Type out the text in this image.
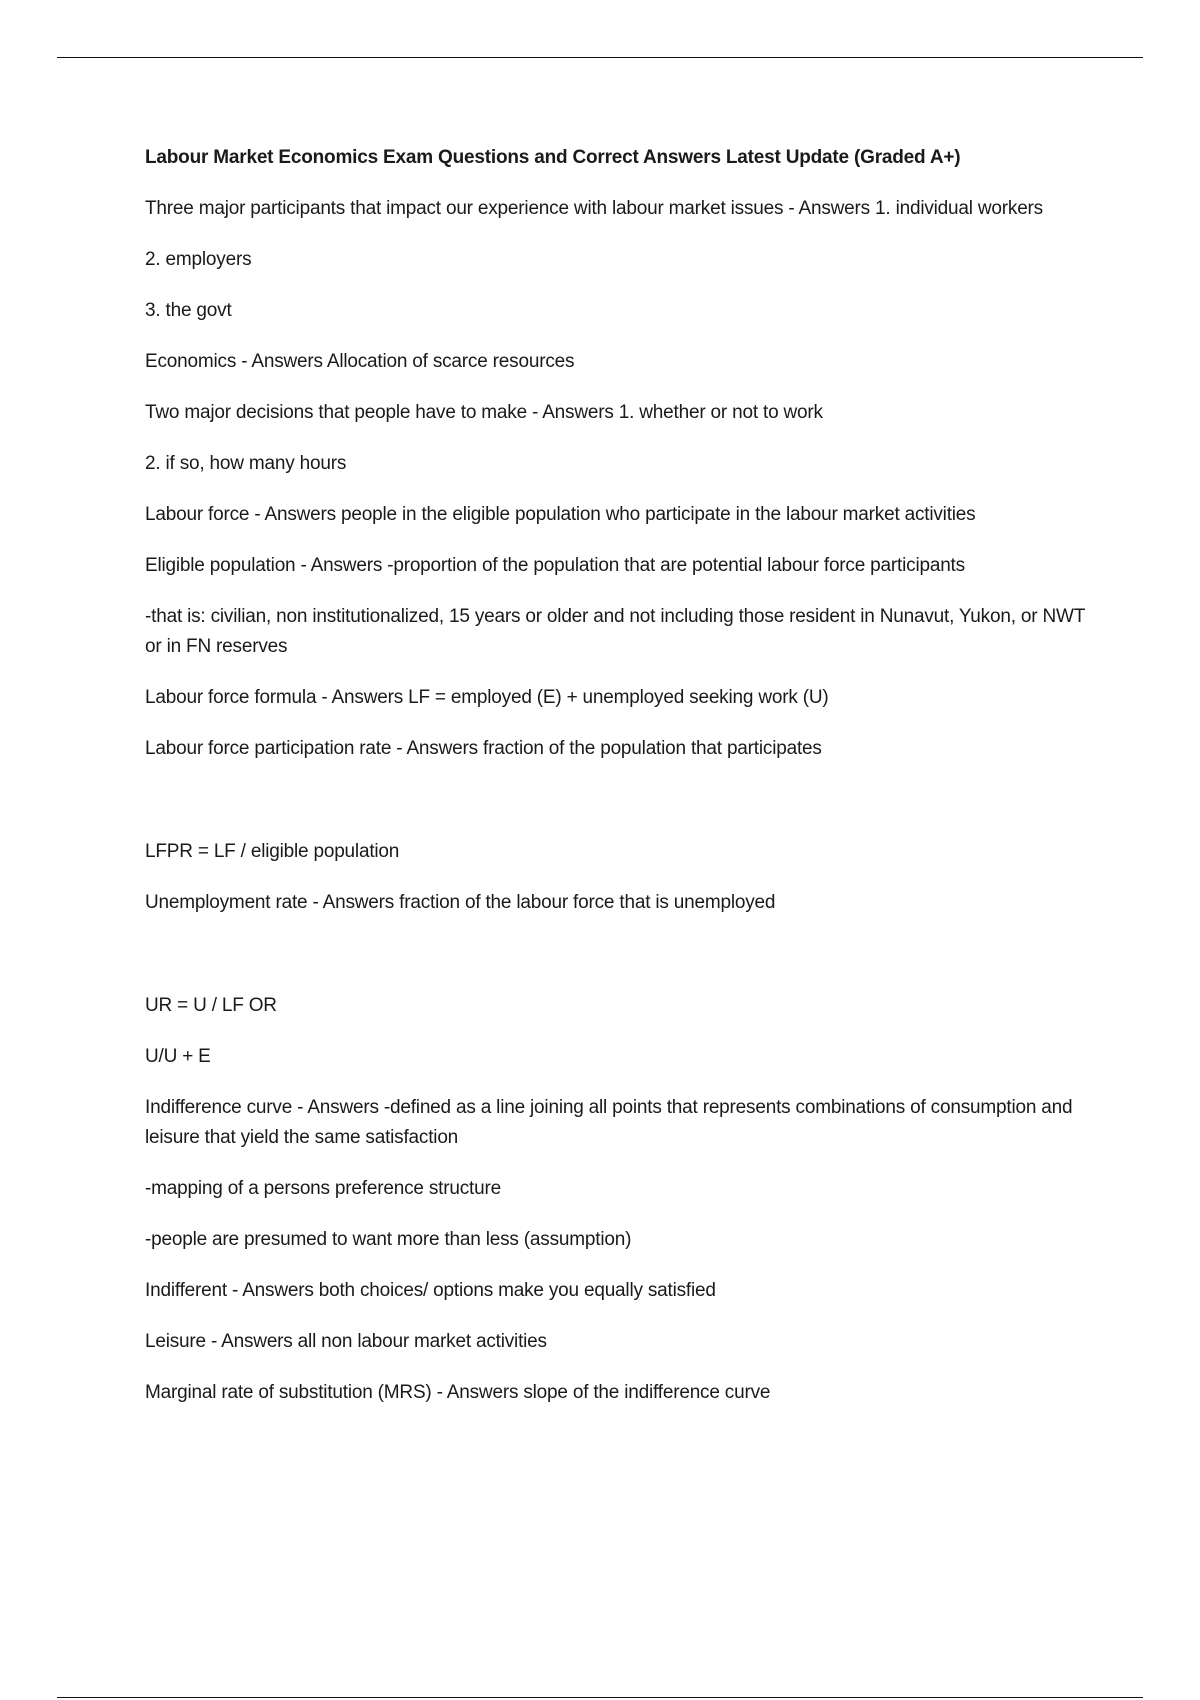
Labour Market Economics Exam Questions and Correct Answers Latest Update (Graded A+)

Three major participants that impact our experience with labour market issues - Answers 1. individual workers

2. employers

3. the govt

Economics - Answers Allocation of scarce resources

Two major decisions that people have to make - Answers 1. whether or not to work

2. if so, how many hours

Labour force - Answers people in the eligible population who participate in the labour market activities

Eligible population - Answers -proportion of the population that are potential labour force participants

-that is: civilian, non institutionalized, 15 years or older and not including those resident in Nunavut, Yukon, or NWT or in FN reserves

Labour force formula - Answers LF = employed (E) + unemployed seeking work (U)

Labour force participation rate - Answers fraction of the population that participates

LFPR = LF / eligible population

Unemployment rate - Answers fraction of the labour force that is unemployed

UR = U / LF OR

U/U + E

Indifference curve - Answers -defined as a line joining all points that represents combinations of consumption and leisure that yield the same satisfaction

-mapping of a persons preference structure

-people are presumed to want more than less (assumption)

Indifferent - Answers both choices/ options make you equally satisfied

Leisure - Answers all non labour market activities

Marginal rate of substitution (MRS) - Answers slope of the indifference curve
